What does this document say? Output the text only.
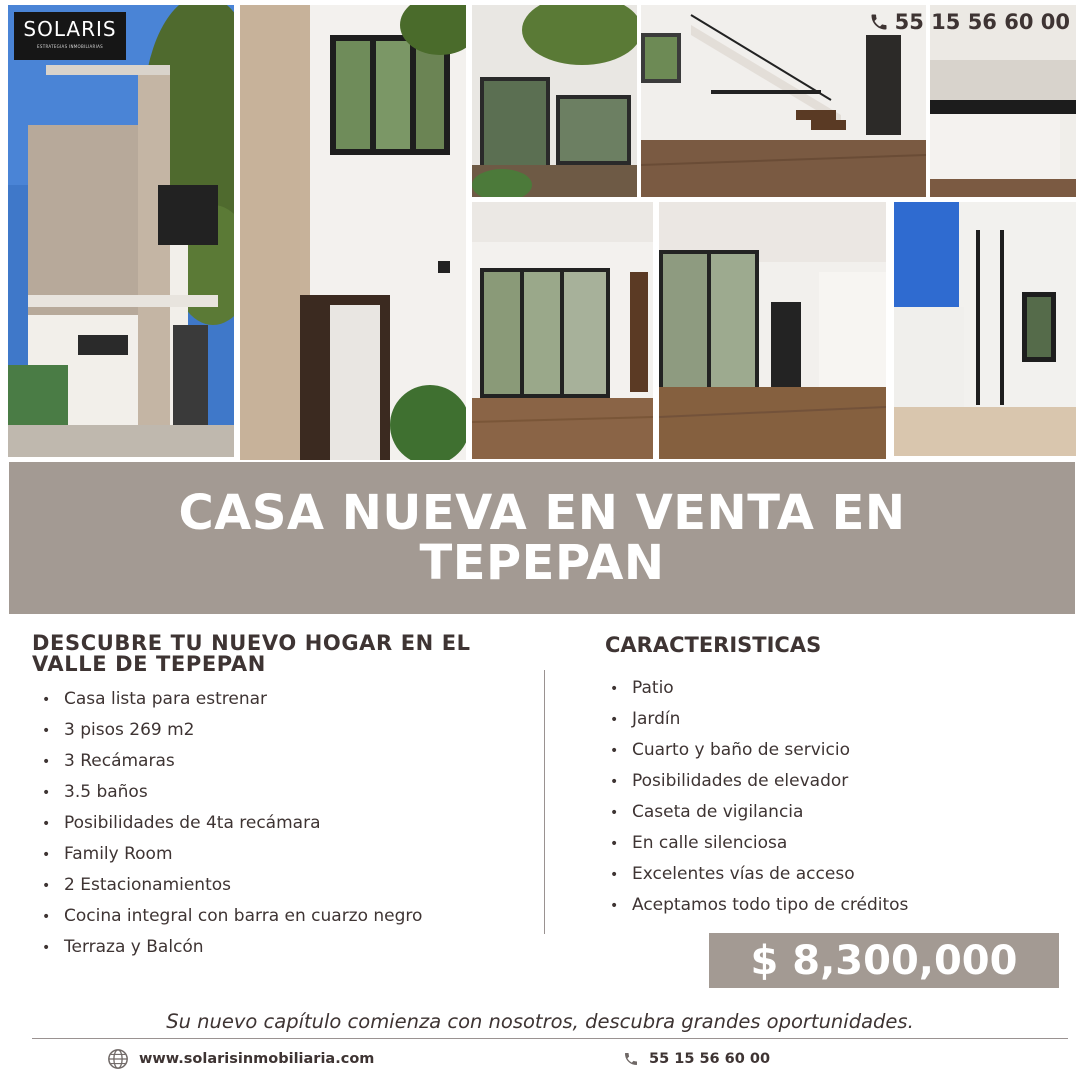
SOLARIS
ESTRATEGIAS INMOBILIARIAS
55 15 56 60 00
CASA NUEVA EN VENTA EN TEPEPAN
DESCUBRE TU NUEVO HOGAR EN EL VALLE DE TEPEPAN
• Casa lista para estrenar
• 3 pisos 269 m2
• 3 Recámaras
• 3.5 baños
• Posibilidades de 4ta recámara
• Family Room
• 2 Estacionamientos
• Cocina integral con barra en cuarzo negro
• Terraza y Balcón
CARACTERISTICAS
• Patio
• Jardín
• Cuarto y baño de servicio
• Posibilidades de elevador
• Caseta de vigilancia
• En calle silenciosa
• Excelentes vías de acceso
• Aceptamos todo tipo de créditos
$ 8,300,000
Su nuevo capítulo comienza con nosotros, descubra grandes oportunidades.
www.solarisinmobiliaria.com	55 15 56 60 00
